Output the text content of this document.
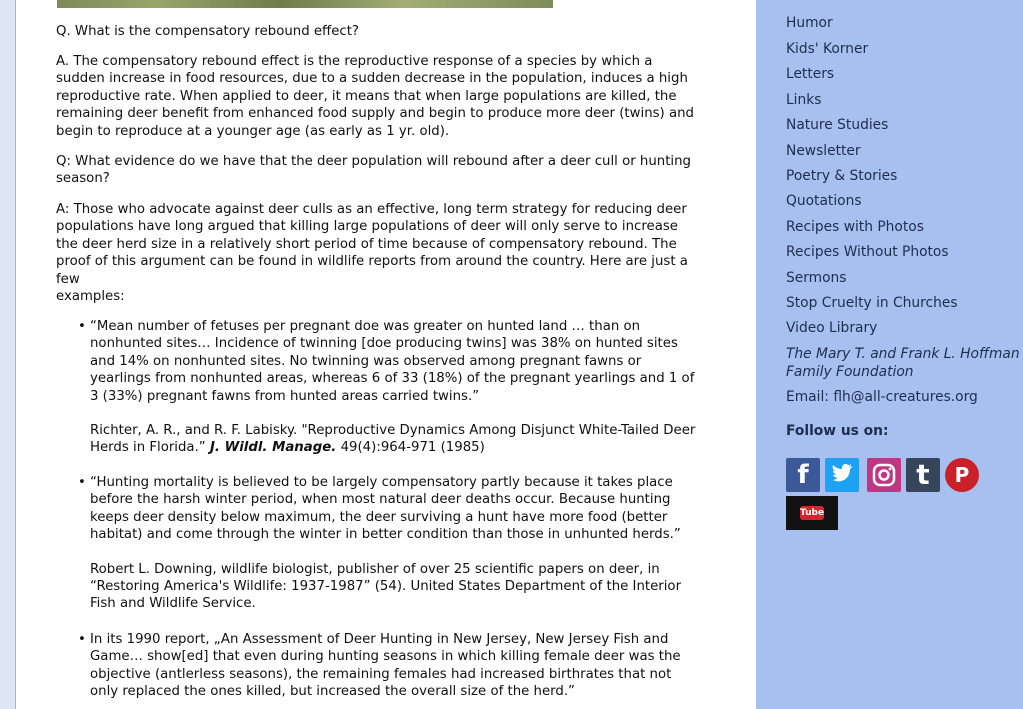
Q. What is the compensatory rebound effect?

A. The compensatory rebound effect is the reproductive response of a species by which a sudden increase in food resources, due to a sudden decrease in the population, induces a high reproductive rate. When applied to deer, it means that when large populations are killed, the remaining deer benefit from enhanced food supply and begin to produce more deer (twins) and begin to reproduce at a younger age (as early as 1 yr. old).

Q: What evidence do we have that the deer population will rebound after a deer cull or hunting season?

A: Those who advocate against deer culls as an effective, long term strategy for reducing deer populations have long argued that killing large populations of deer will only serve to increase the deer herd size in a relatively short period of time because of compensatory rebound. The proof of this argument can be found in wildlife reports from around the country. Here are just a few

examples:

• “Mean number of fetuses per pregnant doe was greater on hunted land … than on nonhunted sites… Incidence of twinning [doe producing twins] was 38% on hunted sites and 14% on nonhunted sites. No twinning was observed among pregnant fawns or yearlings from nonhunted areas, whereas 6 of 33 (18%) of the pregnant yearlings and 1 of 3 (33%) pregnant fawns from hunted areas carried twins.”

Richter, A. R., and R. F. Labisky. "Reproductive Dynamics Among Disjunct White-Tailed Deer Herds in Florida.” J. Wildl. Manage. 49(4):964-971 (1985)
• “Hunting mortality is believed to be largely compensatory partly because it takes place before the harsh winter period, when most natural deer deaths occur. Because hunting keeps deer density below maximum, the deer surviving a hunt have more food (better habitat) and come through the winter in better condition than those in unhunted herds.”

Robert L. Downing, wildlife biologist, publisher of over 25 scientific papers on deer, in “Restoring America's Wildlife: 1937-1987” (54). United States Department of the Interior Fish and Wildlife Service.

• In its 1990 report, „An Assessment of Deer Hunting in New Jersey, New Jersey Fish and Game… show[ed] that even during hunting seasons in which killing female deer was the objective (antlerless seasons), the remaining females had increased birthrates that not only replaced the ones killed, but increased the overall size of the herd.”

Humor
Kids' Korner
Letters
Links
Nature Studies
Newsletter
Poetry & Stories
Quotations
Recipes with Photos
Recipes Without Photos
Sermons
Stop Cruelty in Churches
Video Library
The Mary T. and Frank L. Hoffman Family Foundation
Email: flh@all-creatures.org
Follow us on:
f	t	P
Tube
